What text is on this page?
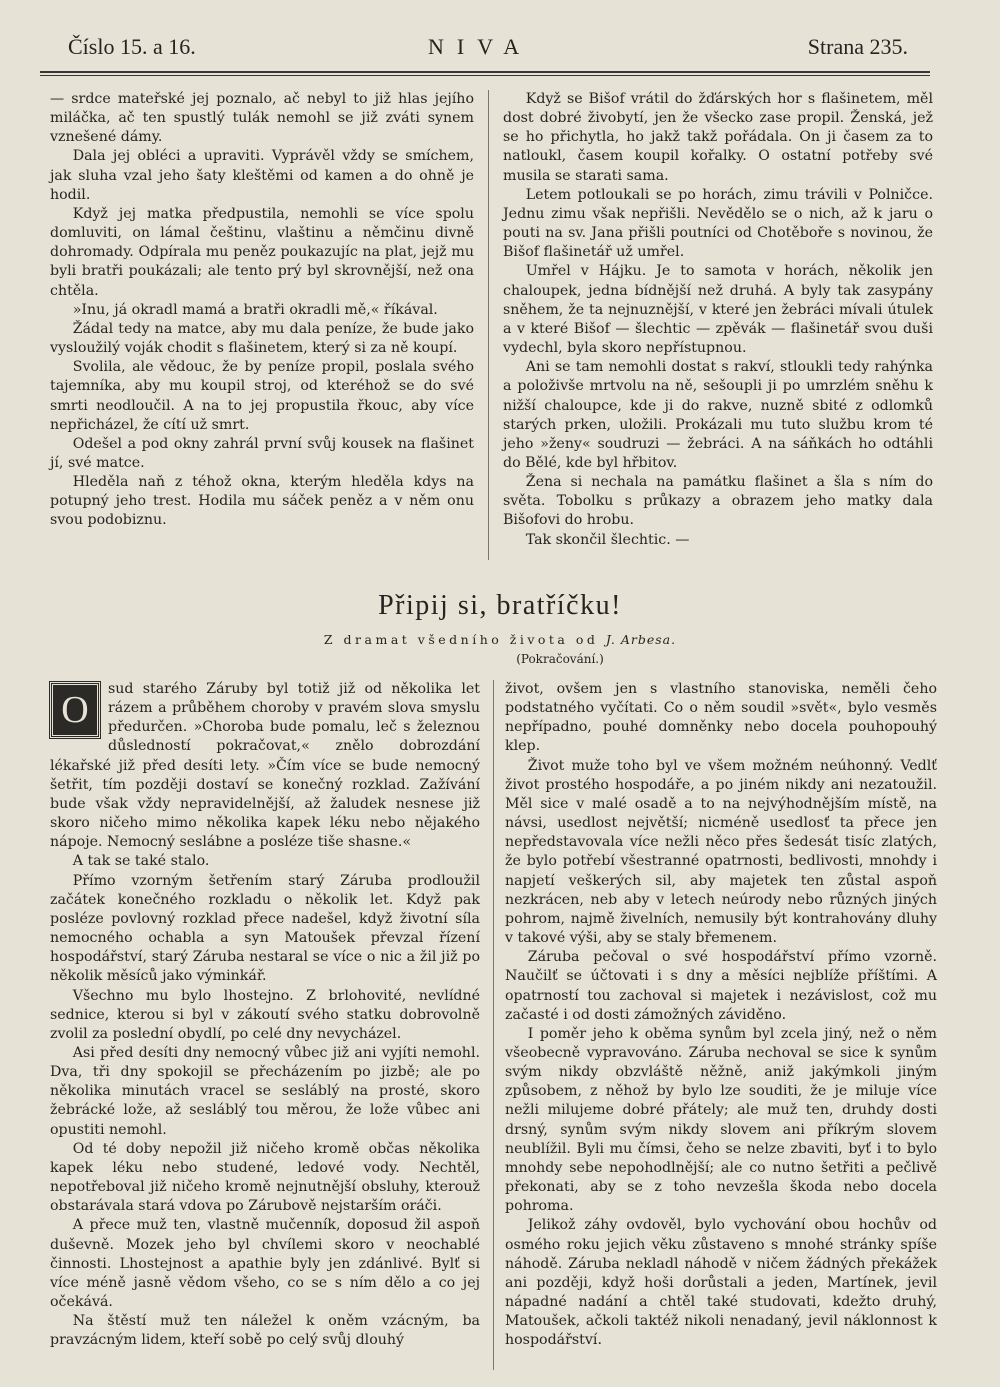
Číslo 15. a 16.	NIVA	Strana 235.

— srdce mateřské jej poznalo, ač nebyl to již hlas jejího miláčka, ač ten spustlý tulák nemohl se již zváti synem vznešené dámy.

Dala jej obléci a upraviti. Vyprávěl vždy se smíchem, jak sluha vzal jeho šaty kleštěmi od kamen a do ohně je hodil.

Když jej matka předpustila, nemohli se více spolu domluviti, on lámal češtinu, vlaštinu a němčinu divně dohromady. Odpírala mu peněz poukazujíc na plat, jejž mu byli bratři poukázali; ale tento prý byl skrovnější, než ona chtěla.

»Inu, já okradl mamá a bratři okradli mě,« říkával.

Žádal tedy na matce, aby mu dala peníze, že bude jako vysloužilý voják chodit s flašinetem, který si za ně koupí.

Svolila, ale vědouc, že by peníze propil, poslala svého tajemníka, aby mu koupil stroj, od kteréhož se do své smrti neodloučil. A na to jej propustila řkouc, aby více nepřicházel, že cítí už smrt.

Odešel a pod okny zahrál první svůj kousek na flašinet jí, své matce.

Hleděla naň z téhož okna, kterým hleděla kdys na potupný jeho trest. Hodila mu sáček peněz a v něm onu svou podobiznu.

Když se Bišof vrátil do žďárských hor s flašinetem, měl dost dobré živobytí, jen že všecko zase propil. Ženská, jež se ho přichytla, ho jakž takž pořádala. On ji časem za to natloukl, časem koupil kořalky. O ostatní potřeby své musila se starati sama.

Letem potloukali se po horách, zimu trávili v Polničce. Jednu zimu však nepřišli. Nevědělo se o nich, až k jaru o pouti na sv. Jana přišli poutníci od Chotěboře s novinou, že Bišof flašinetář už umřel.

Umřel v Hájku. Je to samota v horách, několik jen chaloupek, jedna bídnější než druhá. A byly tak zasypány sněhem, že ta nejnuznější, v které jen žebráci mívali útulek a v které Bišof — šlechtic — zpěvák — flašinetář svou duši vydechl, byla skoro nepřístupnou.

Ani se tam nemohli dostat s rakví, stloukli tedy rahýnka a položivše mrtvolu na ně, sešoupli ji po umrzlém sněhu k nižší chaloupce, kde ji do rakve, nuzně sbité z odlomků starých prken, uložili. Prokázali mu tuto službu krom té jeho »ženy« soudruzi — žebráci. A na sáňkách ho odtáhli do Bělé, kde byl hřbitov.

Žena si nechala na památku flašinet a šla s ním do světa. Tobolku s průkazy a obrazem jeho matky dala Bišofovi do hrobu.

Tak skončil šlechtic. —

Připij si, bratříčku!
Z dramat všedního života od J. Arbesa.
(Pokračování.)

O	sud starého Záruby byl totiž již od několika let rázem a průběhem choroby v pravém slova smyslu předurčen. »Choroba bude pomalu, leč s železnou důsledností pokračovat,« znělo dobrozdání lékařské již před desíti lety. »Čím více se bude nemocný šetřit, tím později dostaví se konečný rozklad. Zažívání bude však vždy nepravidelnější, až žaludek nesnese již skoro ničeho mimo několika kapek léku nebo nějakého nápoje. Nemocný seslábne a posléze tiše shasne.«

A tak se také stalo.

Přímo vzorným šetřením starý Záruba prodloužil začátek konečného rozkladu o několik let. Když pak posléze povlovný rozklad přece nadešel, když životní síla nemocného ochabla a syn Matoušek převzal řízení hospodářství, starý Záruba nestaral se více o nic a žil již po několik měsíců jako výminkář.

Všechno mu bylo lhostejno. Z brlohovité, nevlídné sednice, kterou si byl v zákoutí svého statku dobrovolně zvolil za poslední obydlí, po celé dny nevycházel.

Asi před desíti dny nemocný vůbec již ani vyjíti nemohl. Dva, tři dny spokojil se přecházením po jizbě; ale po několika minutách vracel se sesláblý na prosté, skoro žebrácké lože, až sesláblý tou měrou, že lože vůbec ani opustiti nemohl.

Od té doby nepožil již ničeho kromě občas několika kapek léku nebo studené, ledové vody. Nechtěl, nepotřeboval již ničeho kromě nejnutnější obsluhy, kterouž obstarávala stará vdova po Zárubově nejstarším oráči.

A přece muž ten, vlastně mučenník, doposud žil aspoň duševně. Mozek jeho byl chvílemi skoro v neochablé činnosti. Lhostejnost a apathie byly jen zdánlivé. Bylť si více méně jasně vědom všeho, co se s ním dělo a co jej očekává.

Na štěstí muž ten náležel k oněm vzácným, ba pravzácným lidem, kteří sobě po celý svůj dlouhý

život, ovšem jen s vlastního stanoviska, neměli čeho podstatného vyčítati. Co o něm soudil »svět«, bylo vesměs nepřípadno, pouhé domněnky nebo docela pouhopouhý klep.

Život muže toho byl ve všem možném neúhonný. Vedlť život prostého hospodáře, a po jiném nikdy ani nezatoužil. Měl sice v malé osadě a to na nejvýhodnějším místě, na návsi, usedlost největší; nicméně usedlosť ta přece jen nepředstavovala více nežli něco přes šedesát tisíc zlatých, že bylo potřebí všestranné opatrnosti, bedlivosti, mnohdy i napjetí veškerých sil, aby majetek ten zůstal aspoň nezkrácen, neb aby v letech neúrody nebo různých jiných pohrom, najmě živelních, nemusily být kontrahovány dluhy v takové výši, aby se staly břemenem.

Záruba pečoval o své hospodářství přímo vzorně. Naučilť se účtovati i s dny a měsíci nejblíže příštími. A opatrností tou zachoval si majetek i nezávislost, což mu začasté i od dosti zámožných záviděno.

I poměr jeho k oběma synům byl zcela jiný, než o něm všeobecně vypravováno. Záruba nechoval se sice k synům svým nikdy obzvláště něžně, aniž jakýmkoli jiným způsobem, z něhož by bylo lze souditi, že je miluje více nežli milujeme dobré přátely; ale muž ten, druhdy dosti drsný, synům svým nikdy slovem ani příkrým slovem neublížil. Byli mu čímsi, čeho se nelze zbaviti, byť i to bylo mnohdy sebe nepohodlnější; ale co nutno šetřiti a pečlivě překonati, aby se z toho nevzešla škoda nebo docela pohroma.

Jelikož záhy ovdověl, bylo vychování obou hochův od osmého roku jejich věku zůstaveno s mnohé stránky spíše náhodě. Záruba nekladl náhodě v ničem žádných překážek ani později, když hoši dorůstali a jeden, Martínek, jevil nápadné nadání a chtěl také studovati, kdežto druhý, Matoušek, ačkoli taktéž nikoli nenadaný, jevil náklonnost k hospodářství.
